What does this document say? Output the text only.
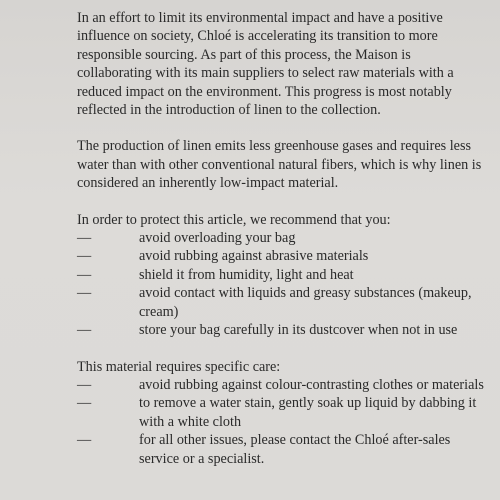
In an effort to limit its environmental impact and have a positive influence on society, Chloé is accelerating its transition to more responsible sourcing. As part of this process, the Maison is collaborating with its main suppliers to select raw materials with a reduced impact on the environment. This progress is most notably reflected in the introduction of linen to the collection.

The production of linen emits less greenhouse gases and requires less water than with other conventional natural fibers, which is why linen is considered an inherently low-impact material.

In order to protect this article, we recommend that you:

—	avoid overloading your bag
—	avoid rubbing against abrasive materials
—	shield it from humidity, light and heat
—	avoid contact with liquids and greasy substances (makeup, cream)
—	store your bag carefully in its dustcover when not in use

This material requires specific care:

—	avoid rubbing against colour-contrasting clothes or materials
—	to remove a water stain, gently soak up liquid by dabbing it with a white cloth
—	for all other issues, please contact the Chloé after-sales service or a specialist.
